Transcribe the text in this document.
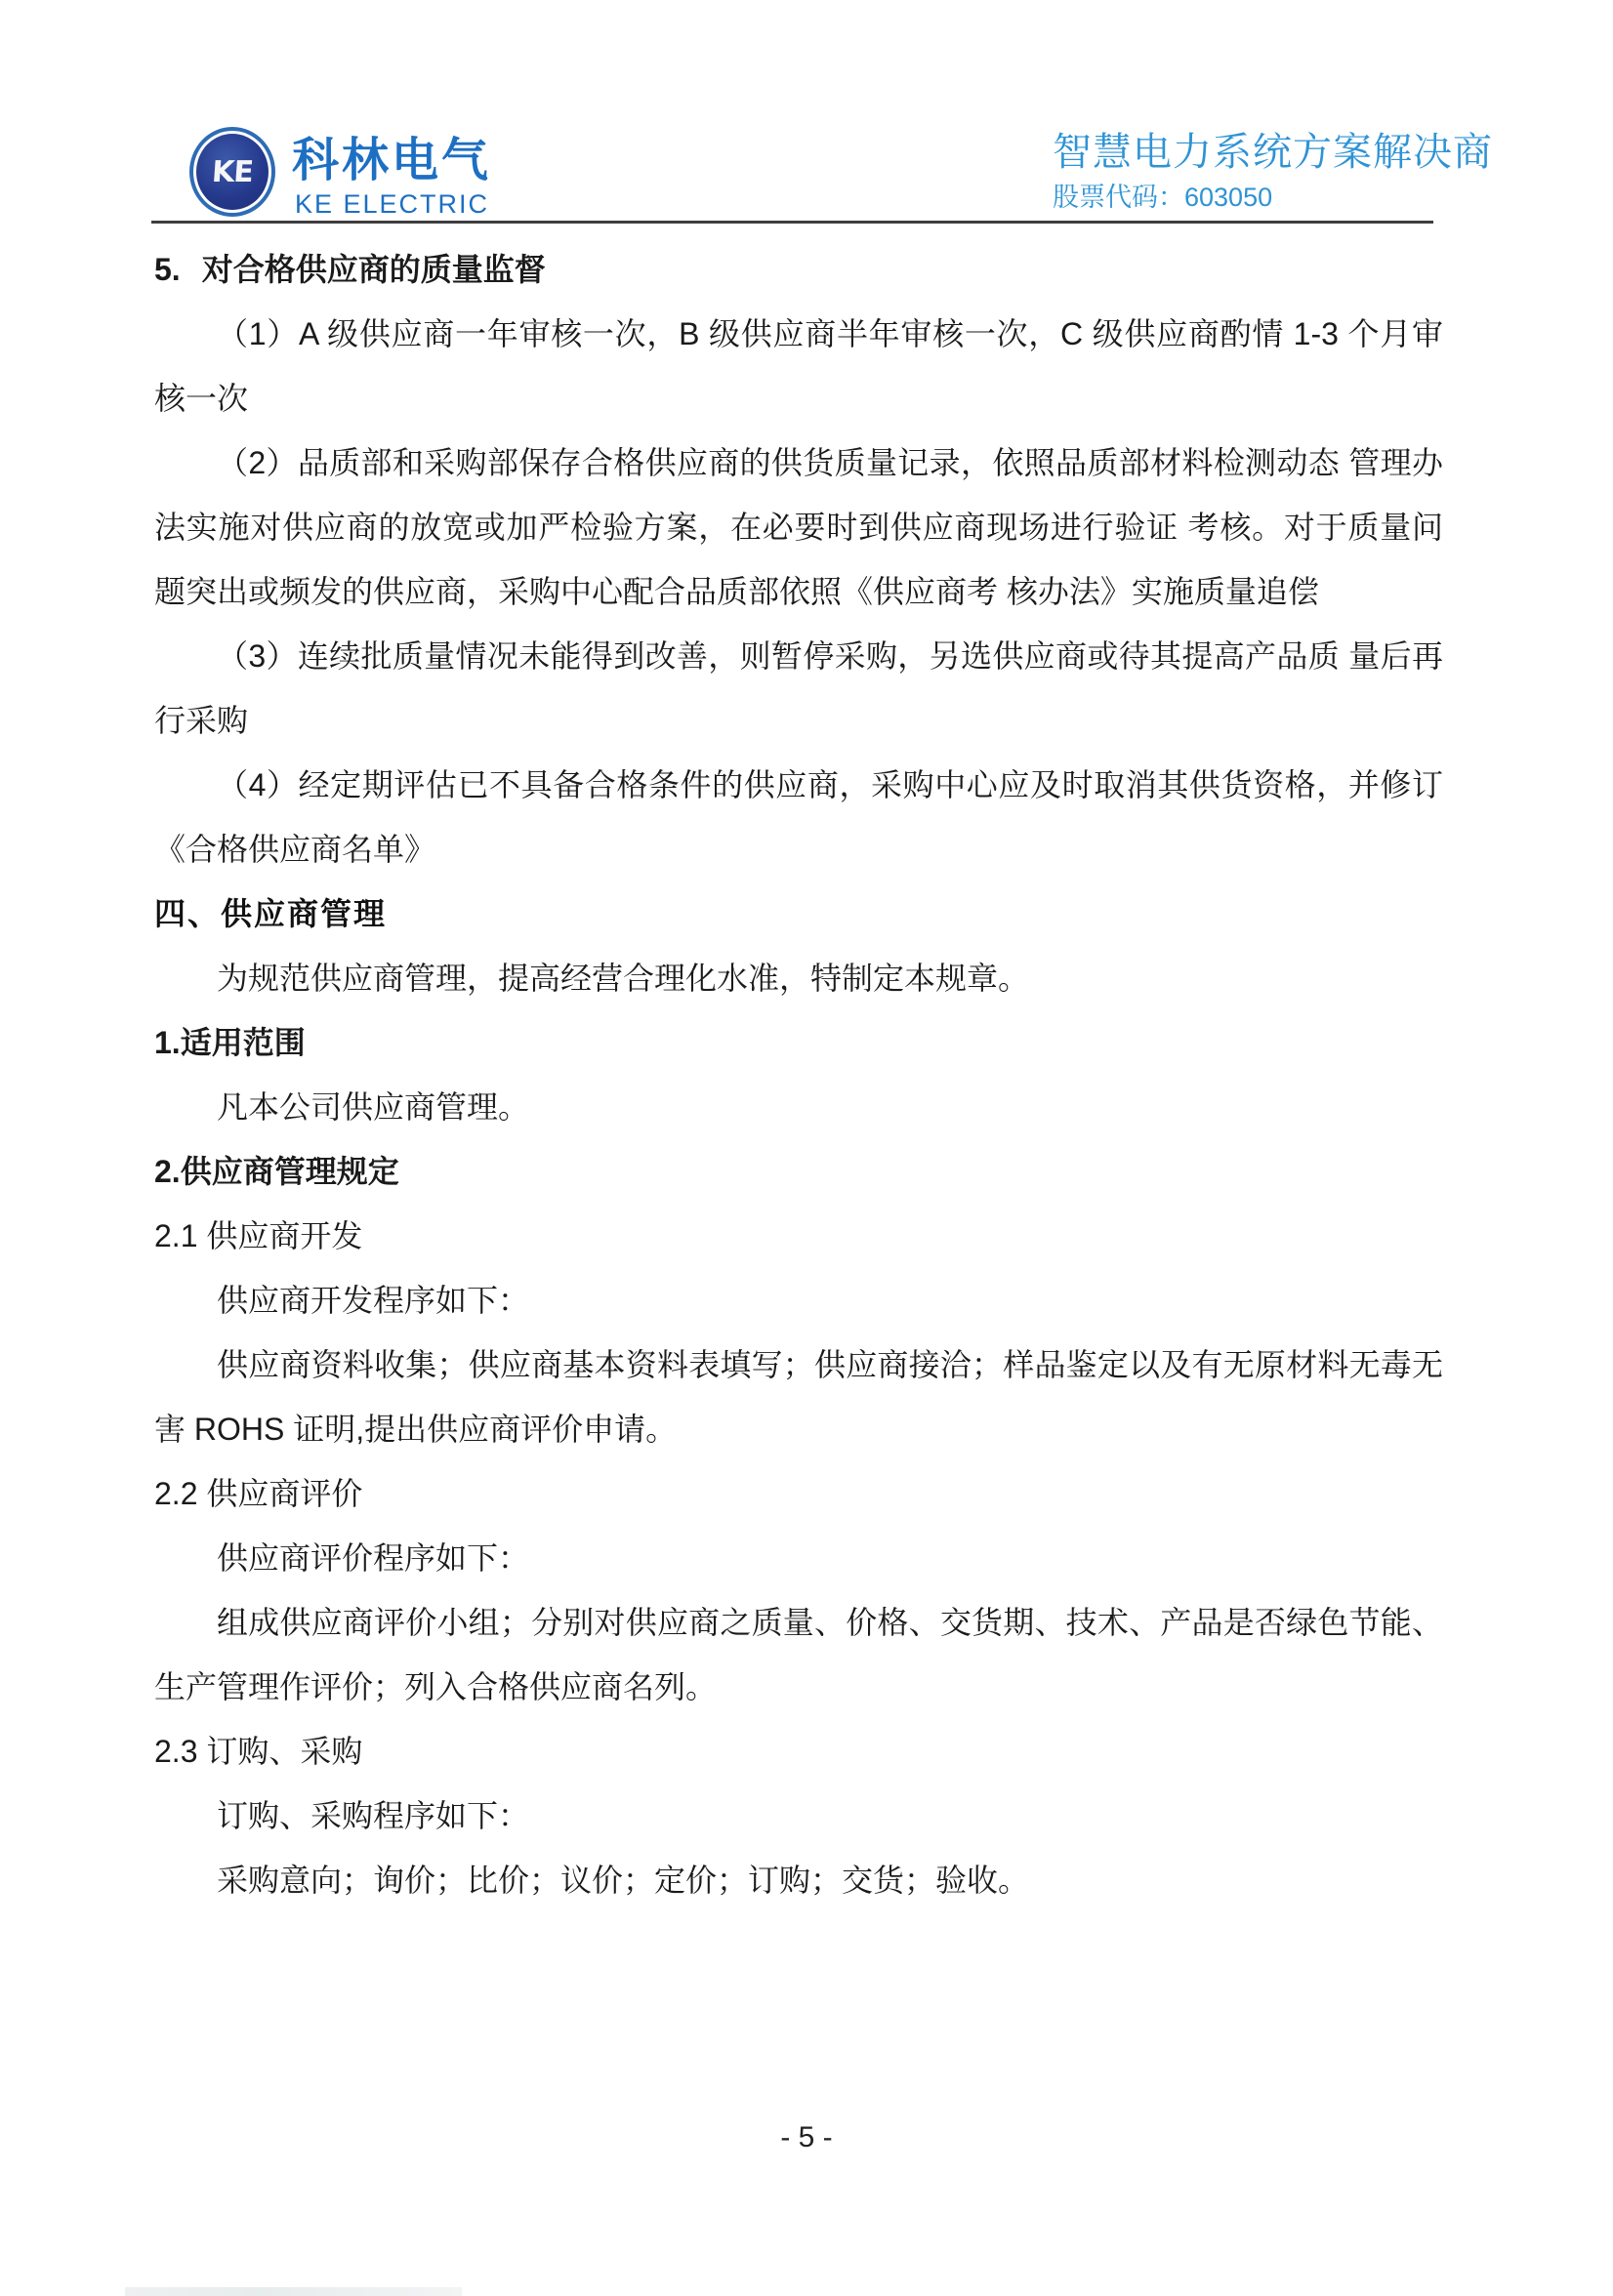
KE 科林电气
KE ELECTRIC
智慧电力系统方案解决商
股票代码：603050

5. 对合格供应商的质量监督

（1）A 级供应商一年审核一次，B 级供应商半年审核一次，C 级供应商酌情 1-3 个月审核一次

（2）品质部和采购部保存合格供应商的供货质量记录，依照品质部材料检测动态 管理办法实施对供应商的放宽或加严检验方案，在必要时到供应商现场进行验证 考核。对于质量问题突出或频发的供应商，采购中心配合品质部依照《供应商考 核办法》实施质量追偿

（3）连续批质量情况未能得到改善，则暂停采购，另选供应商或待其提高产品质 量后再行采购

（4）经定期评估已不具备合格条件的供应商，采购中心应及时取消其供货资格，并修订《合格供应商名单》

四、供应商管理

为规范供应商管理，提高经营合理化水准，特制定本规章。

1.适用范围

凡本公司供应商管理。

2.供应商管理规定

2.1 供应商开发

供应商开发程序如下：

供应商资料收集；供应商基本资料表填写；供应商接洽；样品鉴定以及有无原材料无毒无害 ROHS 证明,提出供应商评价申请。

2.2 供应商评价

供应商评价程序如下：

组成供应商评价小组；分别对供应商之质量、价格、交货期、技术、产品是否绿色节能、生产管理作评价；列入合格供应商名列。

2.3 订购、采购

订购、采购程序如下：

采购意向；询价；比价；议价；定价；订购；交货；验收。

- 5 -
